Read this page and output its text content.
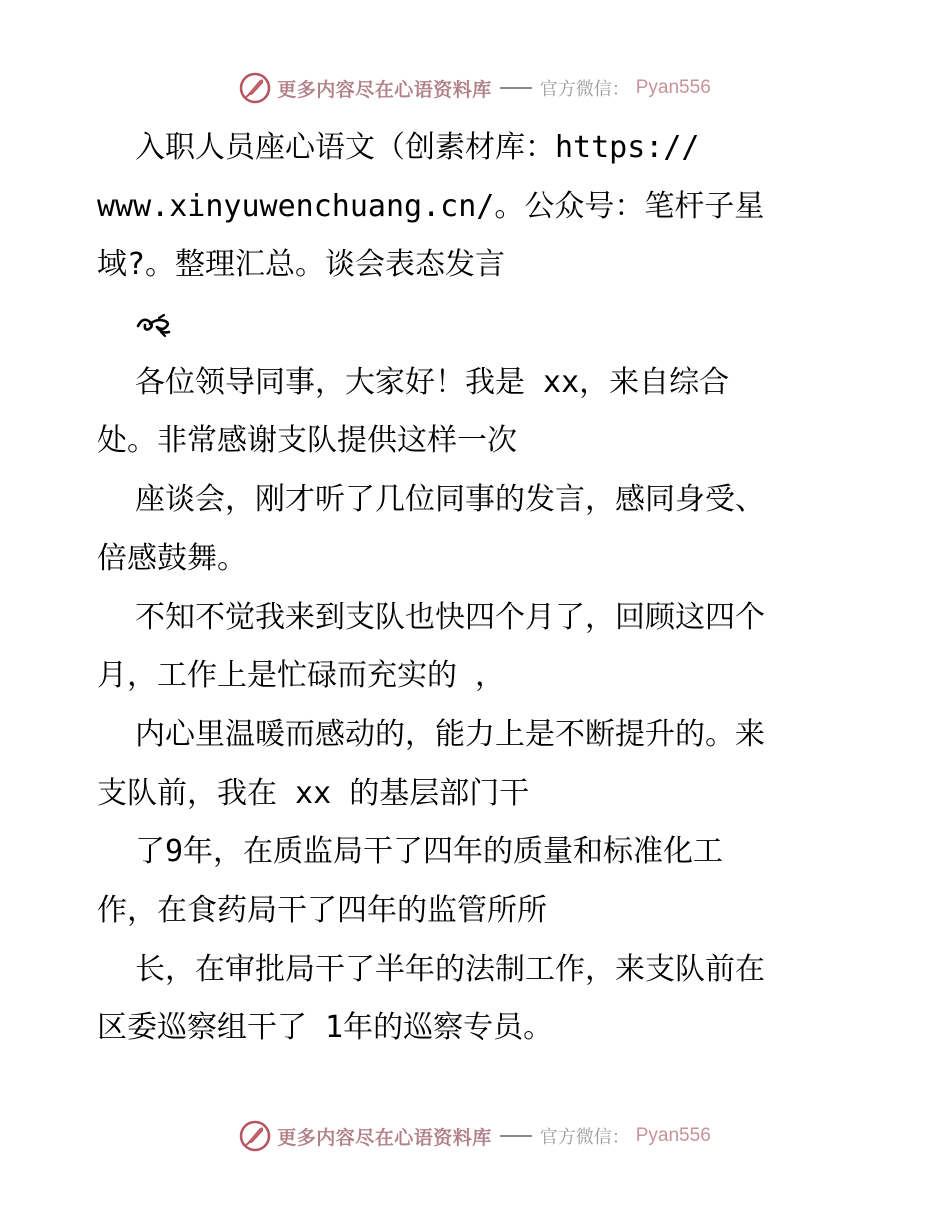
更多内容尽在心语资料库	官方微信： Pyan556
入职人员座心语文（创素材库：https://
www.xinyuwenchuang.cn/。公众号：笔杆子星
域?。整理汇总。谈会表态发言
各位领导同事，大家好！我是 xx，来自综合
处。非常感谢支队提供这样一次
座谈会，刚才听了几位同事的发言，感同身受、
倍感鼓舞。
不知不觉我来到支队也快四个月了，回顾这四个
月，工作上是忙碌而充实的 ，
内心里温暖而感动的，能力上是不断提升的。来
支队前，我在 xx 的基层部门干
了9年，在质监局干了四年的质量和标准化工
作，在食药局干了四年的监管所所
长，在审批局干了半年的法制工作，来支队前在
区委巡察组干了 1年的巡察专员。
更多内容尽在心语资料库	官方微信： Pyan556
